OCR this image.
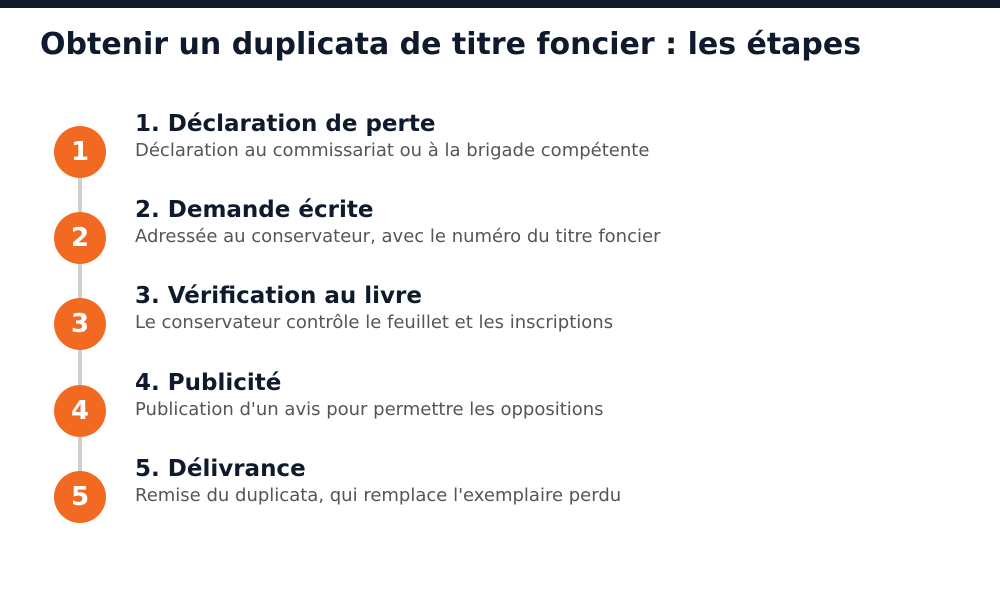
Obtenir un duplicata de titre foncier : les étapes
1
1. Déclaration de perte
Déclaration au commissariat ou à la brigade compétente
2
2. Demande écrite
Adressée au conservateur, avec le numéro du titre foncier
3
3. Vérification au livre
Le conservateur contrôle le feuillet et les inscriptions
4
4. Publicité
Publication d'un avis pour permettre les oppositions
5
5. Délivrance
Remise du duplicata, qui remplace l'exemplaire perdu
